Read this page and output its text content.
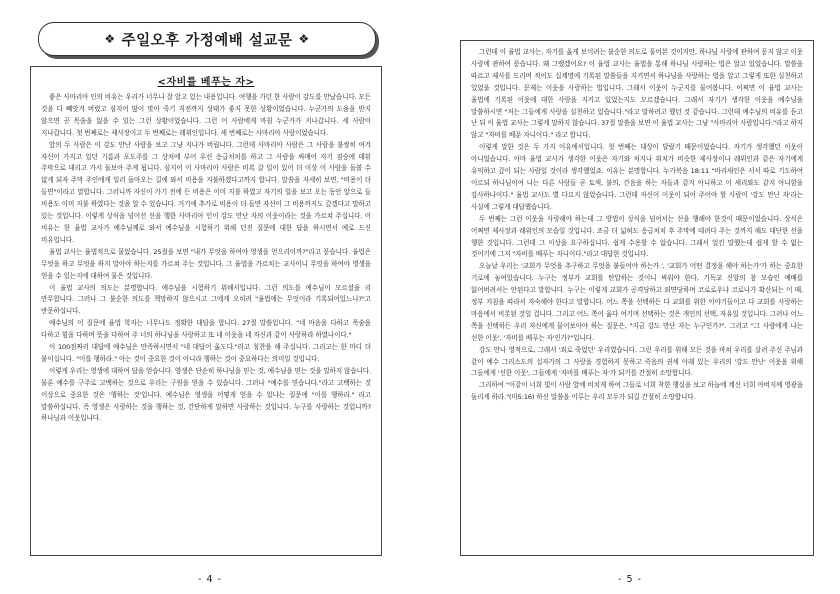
❖ 주일오후 가정예배 설교문 ❖
<자비를 베푸는 자>

좋은 사마리아 인의 비유는 우리가 너무나 잘 알고 있는 내용입니다. 여행을 가던 한 사람이 강도를 만났습니다. 모든 것을 다 빼앗겨 버렸고 심지어 많이 맞아 죽기 직전까지 상태가 좋지 못한 상황이었습니다. 누군가의 도움을 받지 않으면 곧 목숨을 잃을 수 있는 그런 상황이었습니다. 그런 이 사람에게 마침 누군가가 지나갑니다. 세 사람이 지나갑니다. 첫 번째로는 제사장이고 두 번째로는 레위인입니다. 세 번째로는 사마리아 사람이었습니다.

앞의 두 사람은 이 강도 만난 사람을 보고 그냥 지나가 버립니다. 그런데 사마리아 사람은 그 사람을 불쌍히 여겨 자신이 가지고 있던 기름과 포도주를 그 상처에 부어 우선 응급처치를 하고 그 사람을 싸매어 자기 짐승에 태워 주막으로 데리고 가서 돌보아 주게 됩니다. 심지어 이 사마리아 사람은 비록 갈 일이 있어 더 이상 이 사람을 돌볼 수 없게 되자 주막 주인에게 일러 돌아오는 길에 와서 비용을 지불하겠다고까지 합니다. 말씀을 자세히 보면, "비용이 더 들면"이라고 말합니다. 그러니까 자신이 가기 전에 든 비용은 이미 지불 하였고 자기의 일을 보고 오는 동안 앞으로 들 비용도 이미 지불 하였다는 것을 알 수 있습니다. 거기에 추가로 비용이 더 들면 자신이 그 비용까지도 갚겠다고 말하고 있는 것입니다. 이렇게 상식을 넘어선 선을 행한 사마리아 인이 강도 만난 자의 이웃이라는 것을 가르쳐 주십니다. 이 비유는 한 율법 교사가 예수님께로 와서 예수님을 시험하기 위해 던진 질문에 대한 답을 하시면서 예로 드신 비유입니다.

율법 교사는 율법적으로 물었습니다. 25절을 보면 "내가 무엇을 하여야 영생을 얻으리이까?"라고 묻습니다. 율법은 무엇을 하고 무엇을 하지 말아야 하는지를 가르쳐 주는 것입니다. 그 율법을 가르치는 교사이니 무엇을 하여야 영생을 얻을 수 있는지에 대하여 물은 것입니다.

이 율법 교사의 의도는 분명합니다. 예수님을 시험하기 위해서입니다. 그런 의도를 예수님이 모르셨을 리 만무합니다. 그러나 그 불순한 의도를 책망하지 않으시고 그에게 오히려 "율법에는 무엇이라 기록되어있느냐?"고 반문하십니다.

예수님의 이 질문에 율법 학자는 너무나도 정확한 대답을 합니다. 27절 말씀입니다. "네 마음을 다하고 목숨을 다하고 힘을 다하며 뜻을 다하여 주 너의 하나님을 사랑하고 또 네 이웃을 네 자신과 같이 사랑하라 하였나이다."

이 100점짜리 대답에 예수님은 만족하시면서 "네 대답이 옳도다."라고 칭찬을 해 주십니다. 그리고는 한 마디 더 붙이십니다. "이를 행하라." 아는 것이 중요한 것이 아니라 행하는 것이 중요하다는 의미일 것입니다.

이렇게 우리는 영생에 대하여 답을 얻습니다. 영생은 단순히 하나님을 믿는 것, 예수님을 믿는 것을 말하지 않습니다. 물론 예수를 구주로 고백하는 것으로 우리는 구원을 얻을 수 있습니다. 그러나 "예수를 믿습니다."라고 고백하는 것 이상으로 중요한 것은 '행하는 것'입니다. 예수님은 영생을 어떻게 얻을 수 있냐는 질문에 "이를 행하라." 라고 말씀하십니다. 즉 영생은 사랑하는 것을 행하는 것, 간단하게 말하면 사랑하는 것입니다. 누구를 사랑하는 것입니까? 하나님과 이웃입니다.

- 4 -

그런데 이 율법 교사는, 자기를 옳게 보이려는 불순한 의도로 물어본 것이지만, 하나님 사랑에 관하여 묻지 않고 이웃 사랑에 관하여 묻습니다. 왜 그랬겠어요? 이 율법 교사는 율법을 통해 하나님 사랑하는 법은 알고 있었습니다. 말씀을 따르고 제사를 드리며 적어도 십계명에 기록된 말씀들을 지키면서 하나님을 사랑하는 법을 알고 그렇게 또한 실천하고 있었을 것입니다. 문제는 이웃을 사랑하는 법입니다. 그래서 이웃이 누군지를 물어봅니다. 어쩌면 이 율법 교사는 율법에 기록된 이웃에 대한 사랑을 지키고 있었는지도 모르겠습니다. 그래서 자기가 생각한 이웃을 예수님을 말씀하시면 "저는 그들에게 사랑을 실천하고 있습니다."라고 말하려고 했던 것 같습니다. 그런데 예수님의 비유를 듣고 난 뒤 이 율법 교사는 그렇게 말하지 않습니다. 37절 말씀을 보면 이 율법 교사는 그냥 "사마리아 사람입니다."라고 하지 않고 "자비를 베푼 자니이다." 라고 합니다.

이렇게 말한 것은 두 가지 이유에서입니다. 첫 번째는 대상이 달랐기 때문이었습니다. 자기가 생각했던 이웃이 아니었습니다. 아마 율법 교사가 생각한 이웃은 자기와 처지나 위치가 비슷한 제사장이나 레위인과 같은 자기에게 유익하고 갚이 되는 사람일 것이라 생각했었죠. 이유는 분명합니다. 누가복음 18:11 "바리새인은 서서 따로 기도하여 이르되 하나님이여 나는 다른 사람들 곧 토색, 불의, 간음을 하는 자들과 같지 아니하고 이 세리와도 같지 아니함을 감사하나이다." 율법 교사도 별 다르지 않았습니다. 그런데 자신이 이웃이 되어 주어야 할 사람이 '강도 만난 자'라는 사실에 그렇게 대답했습니다.

두 번째는 그런 이웃을 사랑해야 하는데 그 방법이 상식을 넘어서는 선을 행해야 한것이 때문이었습니다. 상식은 어쩌면 제사장과 레위인의 모습일 것입니다. 조금 더 넓혀도 응급처치 후 주막에 데려다 주는 것까지 해도 대단한 선을 행한 것입니다. 그런데 그 이상을 요구하십니다. 쉽게 수용할 수 없습니다. 그래서 얼킨 말했는데 쉽게 할 수 없는 것이기에 그저 "자비를 베푸는 자니이다."라고 대답한 것입니다.

오늘날 우리는 '교회가 무엇을 추구하고 무엇을 붙들어야 하는가.', '교회가 어떤 결정을 해야 하는가'가 하는 중요한 기로에 놓여있습니다. 누구는 정부가 교회를 탄압하는 것이니 싸워야 한다, 기독교 신앙의 참 모습인 예배를 잃어버려서는 안된다고 말합니다. 누구는 이렇게 교회가 공격당하고 외면당하며 코로로우냐 코로나가 확산되는 이 때, 정부 지침을 따라서 자숙해야 한다고 말합니다. 어느 쪽을 선택하든 다 교회를 위한 이야기들이고 다 교회를 사랑하는 마음에서 비롯된 것일 겁니다. 그리고 어느 쪽이 옳다 여기며 선택하는 것은 개인의 선택, 자유일 것입니다. 그러나 어느 쪽을 선택하든 우리 자신에게 물어보아야 하는 질문은, "지금 강도 만난 자는 누구인가?". 그리고 "그 사람에게 나는 선한 이웃', '자비를 베푸는 자'인가?"입니다.

강도 만나 영적으로, 그래서 '죄로 죽었던' 우리였습니다. 그런 우리를 위해 모든 것을 바쳐 우리를 살려 주신 주님과 같이 예수 그리스도의 십자가의 그 사랑을 경험하지 못하고 죽음의 권세 아래 있는 우리의 '강도 만난' 이웃을 위해 그들에게 '선한 이웃', 그들에게 '자비를 베푸는 자'가 되기를 간절히 소망합니다.

그리하여 "이같이 너희 빛이 사람 앞에 비치게 하여 그들로 너희 착한 행실을 보고 하늘에 계신 너희 아버지께 영광을 돌리게 하라."(마5:16) 하신 말씀을 이루는 우리 모두가 되길 간절히 소망합니다.

- 5 -
